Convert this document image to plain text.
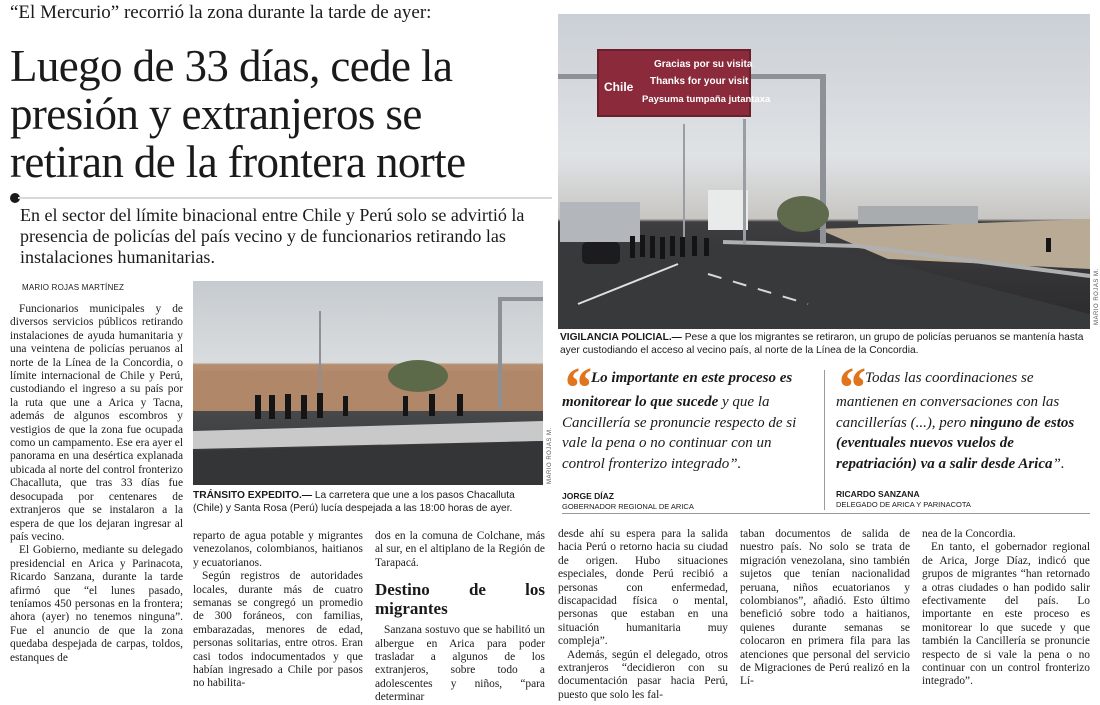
“El Mercurio” recorrió la zona durante la tarde de ayer:
Luego de 33 días, cede la
presión y extranjeros se
retiran de la frontera norte
En el sector del límite binacional entre Chile y Perú solo se advirtió la presencia de policías del país vecino y de funcionarios retirando las instalaciones humanitarias.
MARIO ROJAS MARTÍNEZ
Gracias por su visita
Thanks for your visit
Paysuma tumpaña jutantaxa
Chile
MARIO ROJAS M.
VIGILANCIA POLICIAL.— Pese a que los migrantes se retiraron, un grupo de policías peruanos se mantenía hasta ayer custodiando el acceso al vecino país, al norte de la Línea de la Concordia.
MARIO ROJAS M.
TRÁNSITO EXPEDITO.— La carretera que une a los pasos Chacalluta (Chile) y Santa Rosa (Perú) lucía despejada a las 18:00 horas de ayer.
“Lo importante en este proceso es monitorear lo que sucede y que la Cancillería se pronuncie respecto de si vale la pena o no continuar con un control fronterizo integrado”.
JORGE DÍAZ
GOBERNADOR REGIONAL DE ARICA
“Todas las coordinaciones se mantienen en conversaciones con las cancillerías (...), pero ninguno de estos (eventuales nuevos vuelos de repatriación) va a salir desde Arica”.
RICARDO SANZANA
DELEGADO DE ARICA Y PARINACOTA

Funcionarios municipales y de diversos servicios públicos retirando instalaciones de ayuda humanitaria y una veintena de policías peruanos al norte de la Línea de la Concordia, o límite internacional de Chile y Perú, custodiando el ingreso a su país por la ruta que une a Arica y Tacna, además de algunos escombros y vestigios de que la zona fue ocupada como un campamento. Ese era ayer el panorama en una desértica explanada ubicada al norte del control fronterizo Chacalluta, que tras 33 días fue desocupada por centenares de extranjeros que se instalaron a la espera de que los dejaran ingresar al país vecino.

El Gobierno, mediante su delegado presidencial en Arica y Parinacota, Ricardo Sanzana, durante la tarde afirmó que “el lunes pasado, teníamos 450 personas en la frontera; ahora (ayer) no tenemos ninguna”. Fue el anuncio de que la zona quedaba despejada de carpas, toldos, estanques de

reparto de agua potable y migrantes venezolanos, colombianos, haitianos y ecuatorianos.

Según registros de autoridades locales, durante más de cuatro semanas se congregó un promedio de 300 foráneos, con familias, embarazadas, menores de edad, personas solitarias, entre otros. Eran casi todos indocumentados y que habían ingresado a Chile por pasos no habilita-

dos en la comuna de Colchane, más al sur, en el altiplano de la Región de Tarapacá.

Destino de los migrantes

Sanzana sostuvo que se habilitó un albergue en Arica para poder trasladar a algunos de los extranjeros, sobre todo a adolescentes y niños, “para determinar

desde ahí su espera para la salida hacia Perú o retorno hacia su ciudad de origen. Hubo situaciones especiales, donde Perú recibió a personas con enfermedad, discapacidad física o mental, personas que estaban en una situación humanitaria muy compleja”.

Además, según el delegado, otros extranjeros “decidieron con su documentación pasar hacia Perú, puesto que solo les fal-

taban documentos de salida de nuestro país. No solo se trata de migración venezolana, sino también sujetos que tenían nacionalidad peruana, niños ecuatorianos y colombianos”, añadió. Esto último benefició sobre todo a haitianos, quienes durante semanas se colocaron en primera fila para las atenciones que personal del servicio de Migraciones de Perú realizó en la Lí-

nea de la Concordia.

En tanto, el gobernador regional de Arica, Jorge Díaz, indicó que grupos de migrantes “han retornado a otras ciudades o han podido salir efectivamente del país. Lo importante en este proceso es monitorear lo que sucede y que también la Cancillería se pronuncie respecto de si vale la pena o no continuar con un control fronterizo integrado”.
